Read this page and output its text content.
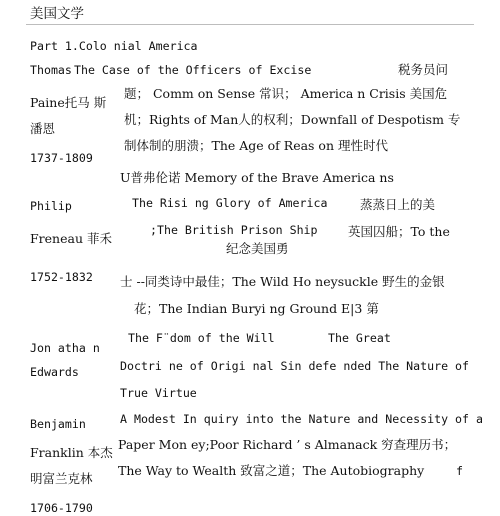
美国文学
Part 1.Colo nial America
Thomas The Case of the Officers of Excise	税务员问
Paine托马 斯
题； Comm on Sense 常识； America n Crisis 美国危
潘恩
机；Rights of Man人的权利；Downfall of Despotism 专
1737-1809
制体制的朋溃；The Age of Reas on 理性时代
U普弗伦诺 Memory of the Brave America ns
Philip	The Risi ng Glory of America	蒸蒸日上的美
Freneau 菲禾
;The British Prison Ship 英国囚船；To the
纪念美国勇
1752-1832 士 --同类诗中最佳；The Wild Ho neysuckle 野生的金银
花；The Indian Buryi ng Ground E|3 第
The F¨dom of the Will	The Great
Jon atha n
Doctri ne of Origi nal Sin defe nded The Nature of
Edwards
True Virtue
Benjamin	A Modest In quiry into the Nature and Necessity of a
Franklin 本杰
Paper Mon ey;Poor Richard ’ s Almanack 穷查理历书；
明富兰克林
The Way to Wealth 致富之道；The Autobiography	f
1706-1790
